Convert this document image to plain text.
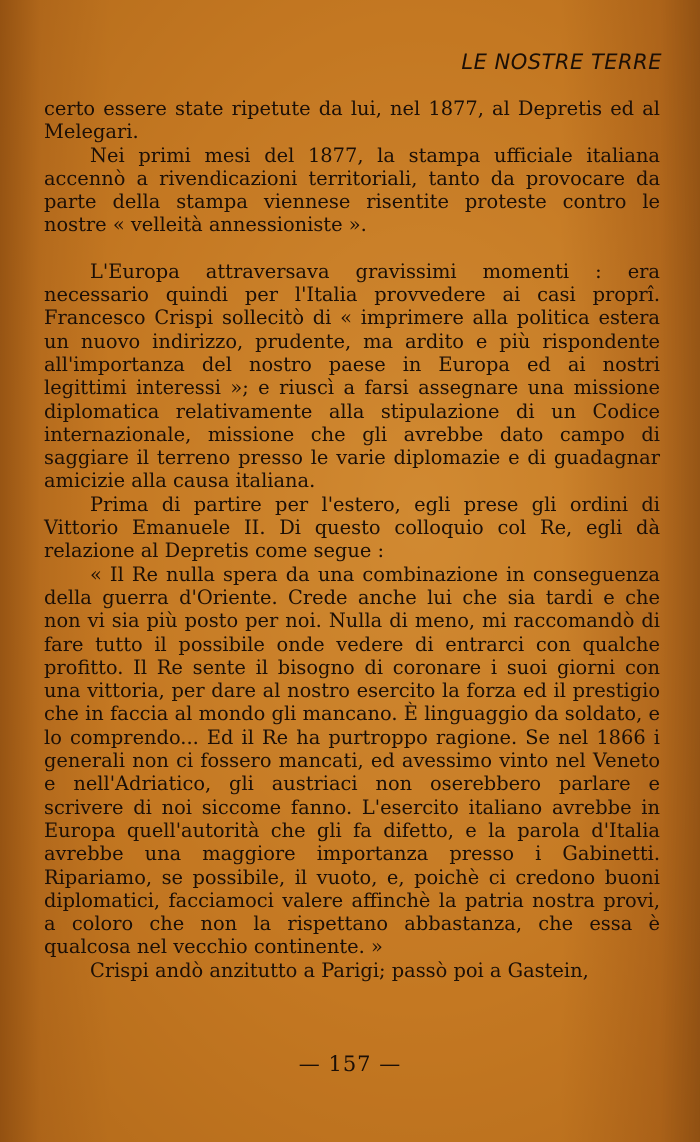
LE NOSTRE TERRE

certo essere state ripetute da lui, nel 1877, al Depretis ed al Melegari.

Nei primi mesi del 1877, la stampa ufficiale italiana accennò a rivendicazioni territoriali, tanto da provocare da parte della stampa viennese risentite proteste contro le nostre « velleità annessioniste ».

L'Europa attraversava gravissimi momenti : era necessario quindi per l'Italia provvedere ai casi proprî. Francesco Crispi sollecitò di « imprimere alla politica estera un nuovo indirizzo, prudente, ma ardito e più rispondente all'importanza del nostro paese in Europa ed ai nostri legittimi interessi »; e riuscì a farsi assegnare una missione diplomatica relativamente alla stipulazione di un Codice internazionale, missione che gli avrebbe dato campo di saggiare il terreno presso le varie diplomazie e di guadagnar amicizie alla causa italiana.

Prima di partire per l'estero, egli prese gli ordini di Vittorio Emanuele II. Di questo colloquio col Re, egli dà relazione al Depretis come segue :

« Il Re nulla spera da una combinazione in conseguenza della guerra d'Oriente. Crede anche lui che sia tardi e che non vi sia più posto per noi. Nulla di meno, mi raccomandò di fare tutto il possibile onde vedere di entrarci con qualche profitto. Il Re sente il bisogno di coronare i suoi giorni con una vittoria, per dare al nostro esercito la forza ed il prestigio che in faccia al mondo gli mancano. È linguaggio da soldato, e lo comprendo... Ed il Re ha purtroppo ragione. Se nel 1866 i generali non ci fossero mancati, ed avessimo vinto nel Veneto e nell'Adriatico, gli austriaci non oserebbero parlare e scrivere di noi siccome fanno. L'esercito italiano avrebbe in Europa quell'autorità che gli fa difetto, e la parola d'Italia avrebbe una maggiore importanza presso i Gabinetti. Ripariamo, se possibile, il vuoto, e, poichè ci credono buoni diplomatici, facciamoci valere affinchè la patria nostra provi, a coloro che non la rispettano abbastanza, che essa è qualcosa nel vecchio continente. »

Crispi andò anzitutto a Parigi; passò poi a Gastein,

— 157 —
